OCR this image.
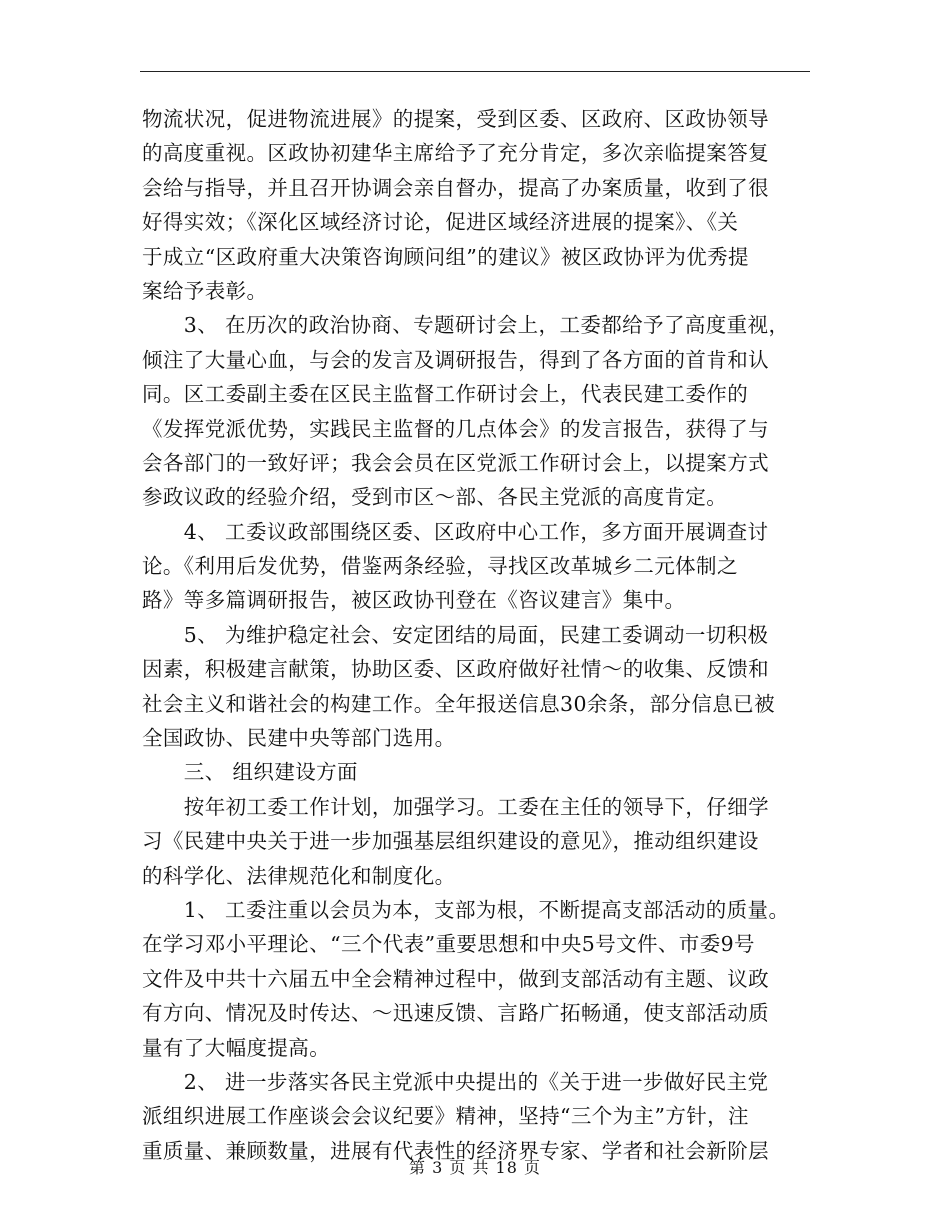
物流状况，促进物流进展》的提案，受到区委、区政府、区政协领导
的高度重视。区政协初建华主席给予了充分肯定，多次亲临提案答复
会给与指导，并且召开协调会亲自督办，提高了办案质量，收到了很
好得实效；《深化区域经济讨论，促进区域经济进展的提案》、《关
于成立“区政府重大决策咨询顾问组”的建议》被区政协评为优秀提
案给予表彰。
　　3、 在历次的政治协商、专题研讨会上，工委都给予了高度重视，
倾注了大量心血，与会的发言及调研报告，得到了各方面的首肯和认
同。区工委副主委在区民主监督工作研讨会上，代表民建工委作的
《发挥党派优势，实践民主监督的几点体会》的发言报告，获得了与
会各部门的一致好评；我会会员在区党派工作研讨会上，以提案方式
参政议政的经验介绍，受到市区～部、各民主党派的高度肯定。
　　4、 工委议政部围绕区委、区政府中心工作，多方面开展调查讨
论。《利用后发优势，借鉴两条经验，寻找区改革城乡二元体制之
路》等多篇调研报告，被区政协刊登在《咨议建言》集中。
　　5、 为维护稳定社会、安定团结的局面，民建工委调动一切积极
因素，积极建言献策，协助区委、区政府做好社情～的收集、反馈和
社会主义和谐社会的构建工作。全年报送信息30余条，部分信息已被
全国政协、民建中央等部门选用。
　　三、 组织建设方面
　　按年初工委工作计划，加强学习。工委在主任的领导下，仔细学
习《民建中央关于进一步加强基层组织建设的意见》，推动组织建设
的科学化、法律规范化和制度化。
　　1、 工委注重以会员为本，支部为根，不断提高支部活动的质量。
在学习邓小平理论、“三个代表”重要思想和中央5号文件、市委9号
文件及中共十六届五中全会精神过程中，做到支部活动有主题、议政
有方向、情况及时传达、～迅速反馈、言路广拓畅通，使支部活动质
量有了大幅度提高。
　　2、 进一步落实各民主党派中央提出的《关于进一步做好民主党
派组织进展工作座谈会会议纪要》精神，坚持“三个为主”方针，注
重质量、兼顾数量，进展有代表性的经济界专家、学者和社会新阶层
第 3 页 共 18 页
